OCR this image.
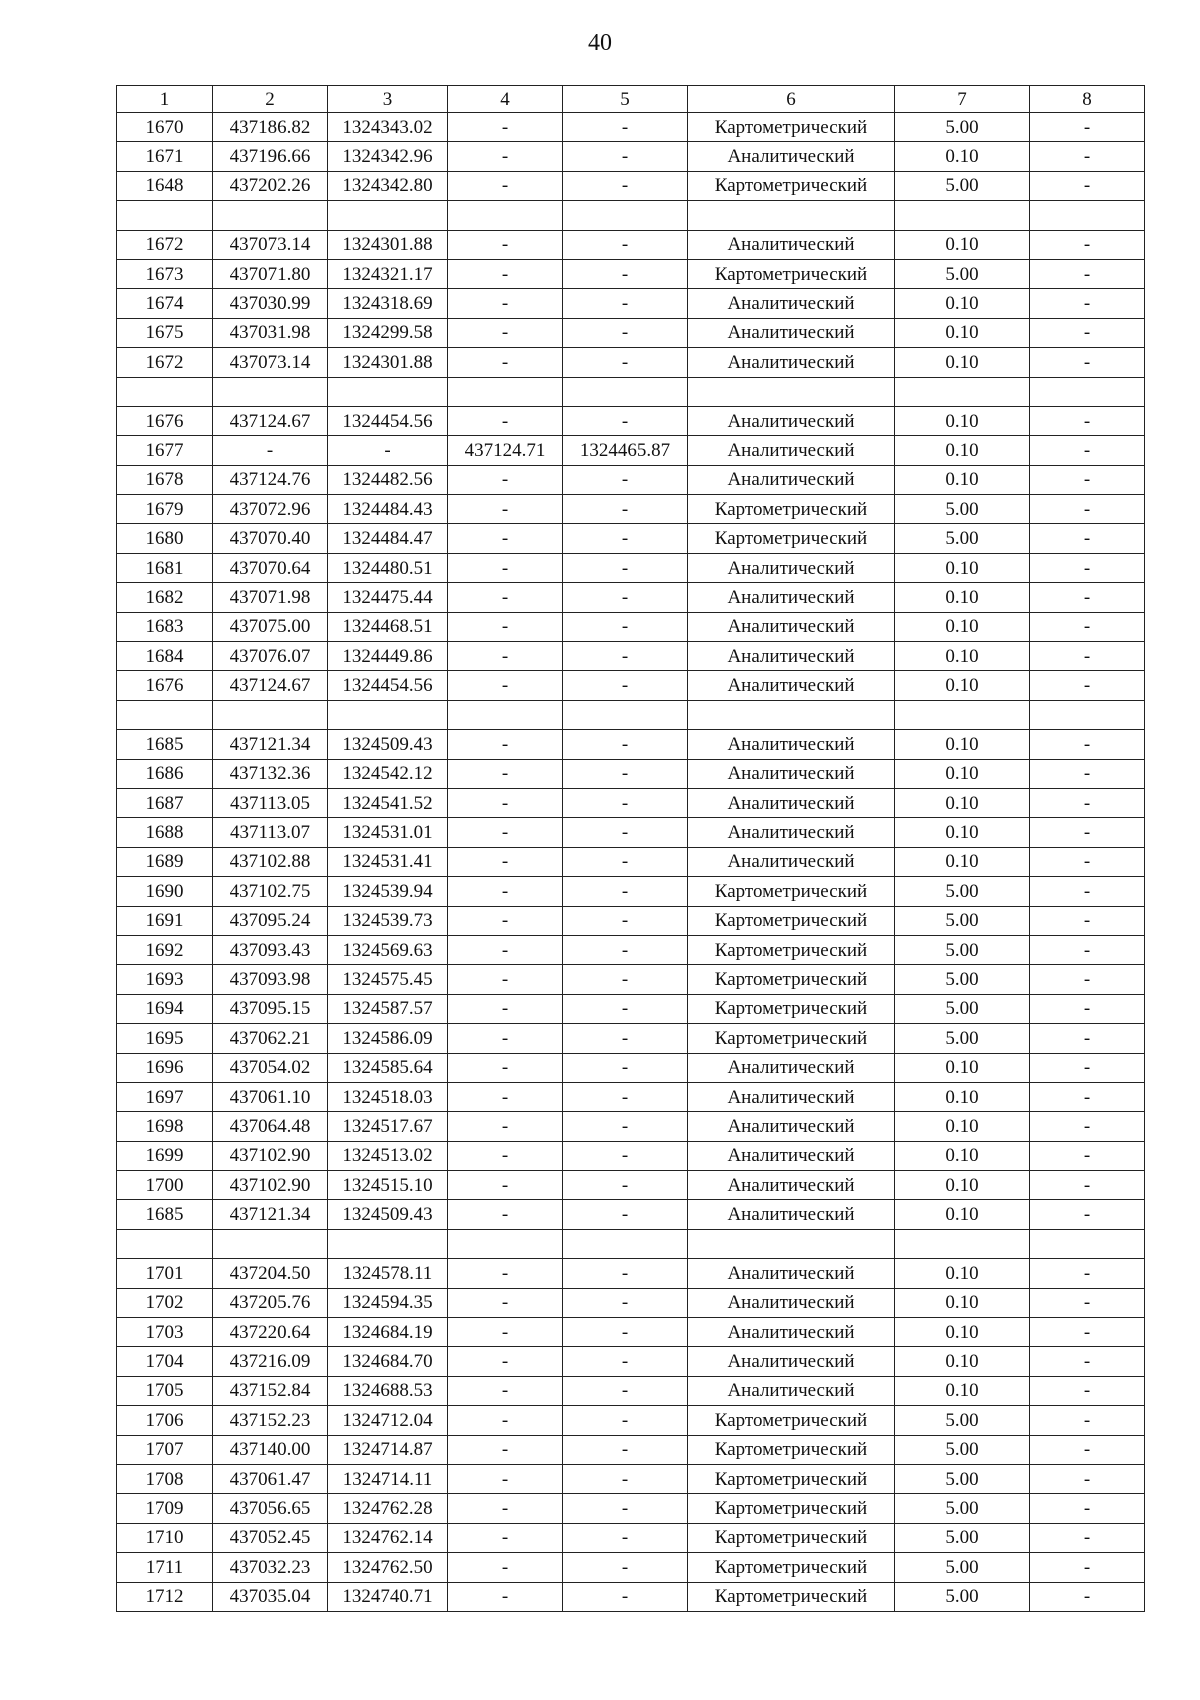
40
1	2	3	4	5	6	7	8
1670	437186.82	1324343.02	-	-	Картометрический	5.00	-
1671	437196.66	1324342.96	-	-	Аналитический	0.10	-
1648	437202.26	1324342.80	-	-	Картометрический	5.00	-

1672	437073.14	1324301.88	-	-	Аналитический	0.10	-
1673	437071.80	1324321.17	-	-	Картометрический	5.00	-
1674	437030.99	1324318.69	-	-	Аналитический	0.10	-
1675	437031.98	1324299.58	-	-	Аналитический	0.10	-
1672	437073.14	1324301.88	-	-	Аналитический	0.10	-

1676	437124.67	1324454.56	-	-	Аналитический	0.10	-
1677	-	-	437124.71	1324465.87	Аналитический	0.10	-
1678	437124.76	1324482.56	-	-	Аналитический	0.10	-
1679	437072.96	1324484.43	-	-	Картометрический	5.00	-
1680	437070.40	1324484.47	-	-	Картометрический	5.00	-
1681	437070.64	1324480.51	-	-	Аналитический	0.10	-
1682	437071.98	1324475.44	-	-	Аналитический	0.10	-
1683	437075.00	1324468.51	-	-	Аналитический	0.10	-
1684	437076.07	1324449.86	-	-	Аналитический	0.10	-
1676	437124.67	1324454.56	-	-	Аналитический	0.10	-

1685	437121.34	1324509.43	-	-	Аналитический	0.10	-
1686	437132.36	1324542.12	-	-	Аналитический	0.10	-
1687	437113.05	1324541.52	-	-	Аналитический	0.10	-
1688	437113.07	1324531.01	-	-	Аналитический	0.10	-
1689	437102.88	1324531.41	-	-	Аналитический	0.10	-
1690	437102.75	1324539.94	-	-	Картометрический	5.00	-
1691	437095.24	1324539.73	-	-	Картометрический	5.00	-
1692	437093.43	1324569.63	-	-	Картометрический	5.00	-
1693	437093.98	1324575.45	-	-	Картометрический	5.00	-
1694	437095.15	1324587.57	-	-	Картометрический	5.00	-
1695	437062.21	1324586.09	-	-	Картометрический	5.00	-
1696	437054.02	1324585.64	-	-	Аналитический	0.10	-
1697	437061.10	1324518.03	-	-	Аналитический	0.10	-
1698	437064.48	1324517.67	-	-	Аналитический	0.10	-
1699	437102.90	1324513.02	-	-	Аналитический	0.10	-
1700	437102.90	1324515.10	-	-	Аналитический	0.10	-
1685	437121.34	1324509.43	-	-	Аналитический	0.10	-

1701	437204.50	1324578.11	-	-	Аналитический	0.10	-
1702	437205.76	1324594.35	-	-	Аналитический	0.10	-
1703	437220.64	1324684.19	-	-	Аналитический	0.10	-
1704	437216.09	1324684.70	-	-	Аналитический	0.10	-
1705	437152.84	1324688.53	-	-	Аналитический	0.10	-
1706	437152.23	1324712.04	-	-	Картометрический	5.00	-
1707	437140.00	1324714.87	-	-	Картометрический	5.00	-
1708	437061.47	1324714.11	-	-	Картометрический	5.00	-
1709	437056.65	1324762.28	-	-	Картометрический	5.00	-
1710	437052.45	1324762.14	-	-	Картометрический	5.00	-
1711	437032.23	1324762.50	-	-	Картометрический	5.00	-
1712	437035.04	1324740.71	-	-	Картометрический	5.00	-
